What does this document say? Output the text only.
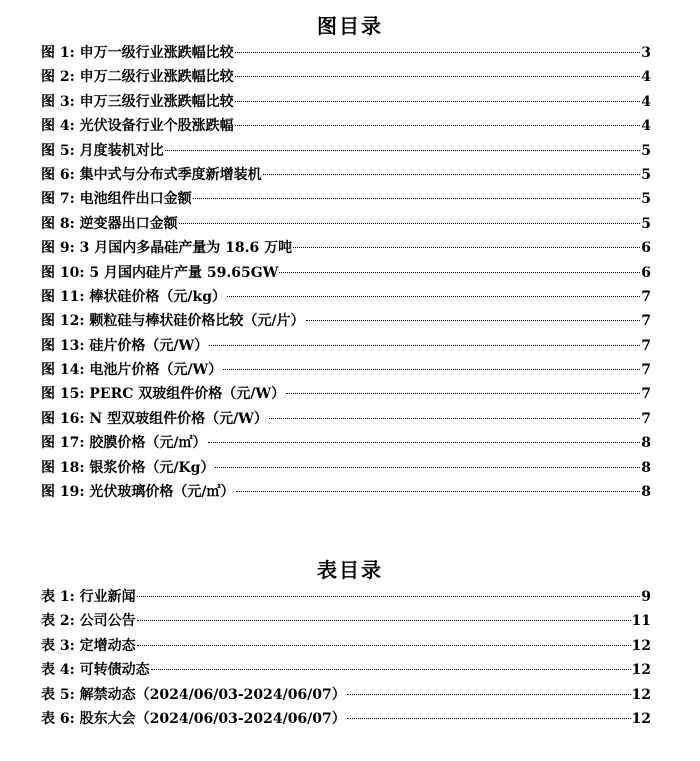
图目录
图 1: 申万一级行业涨跌幅比较	3
图 2: 申万二级行业涨跌幅比较	4
图 3: 申万三级行业涨跌幅比较	4
图 4: 光伏设备行业个股涨跌幅	4
图 5: 月度装机对比	5
图 6: 集中式与分布式季度新增装机	5
图 7: 电池组件出口金额	5
图 8: 逆变器出口金额	5
图 9: 3 月国内多晶硅产量为 18.6 万吨	6
图 10: 5 月国内硅片产量 59.65GW	6
图 11: 棒状硅价格（元/kg）	7
图 12: 颗粒硅与棒状硅价格比较（元/片）	7
图 13: 硅片价格（元/W）	7
图 14: 电池片价格（元/W）	7
图 15: PERC 双玻组件价格（元/W）	7
图 16: N 型双玻组件价格（元/W）	7
图 17: 胶膜价格（元/㎡）	8
图 18: 银浆价格（元/Kg）	8
图 19: 光伏玻璃价格（元/㎡）	8
表目录
表 1: 行业新闻	9
表 2: 公司公告	11
表 3: 定增动态	12
表 4: 可转债动态	12
表 5: 解禁动态（2024/06/03-2024/06/07）	12
表 6: 股东大会（2024/06/03-2024/06/07）	12
